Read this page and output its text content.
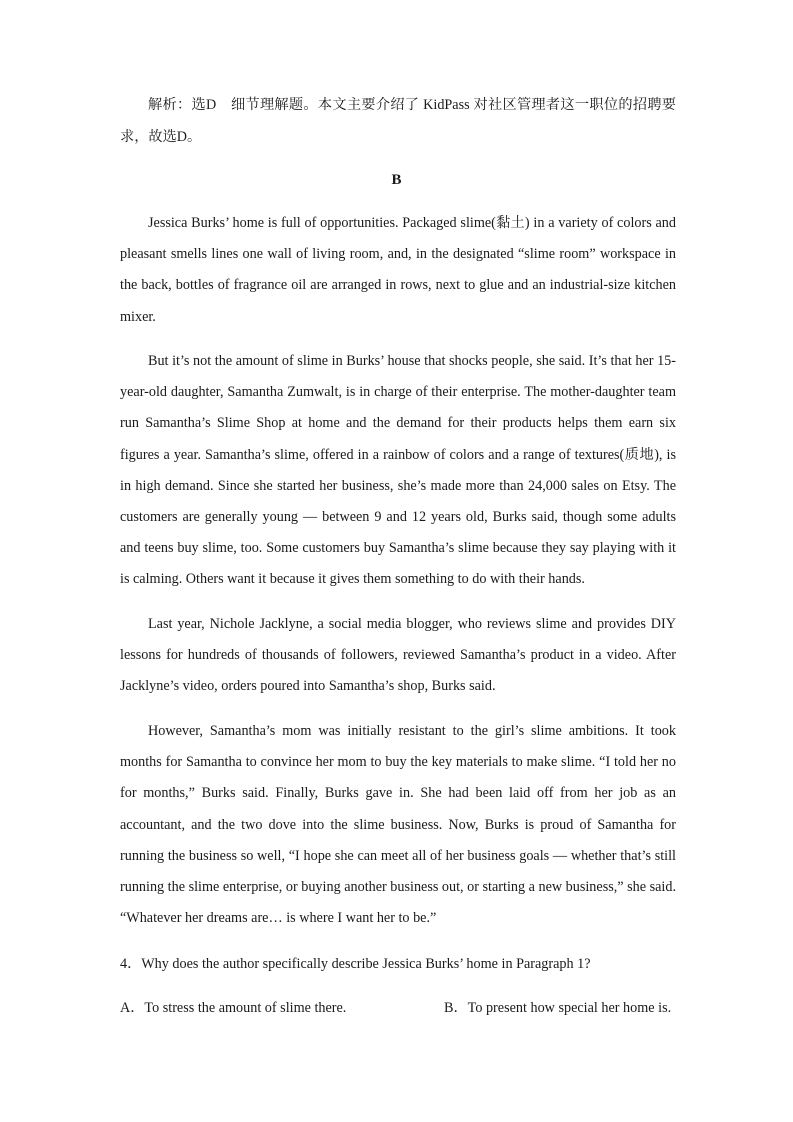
解析：选D　细节理解题。本文主要介绍了 KidPass 对社区管理者这一职位的招聘要求，故选D。

B

Jessica Burks’ home is full of opportunities. Packaged slime(黏土) in a variety of colors and pleasant smells lines one wall of living room, and, in the designated “slime room” workspace in the back, bottles of fragrance oil are arranged in rows, next to glue and an industrial-size kitchen mixer.

But it’s not the amount of slime in Burks’ house that shocks people, she said. It’s that her 15-year-old daughter, Samantha Zumwalt, is in charge of their enterprise. The mother-daughter team run Samantha’s Slime Shop at home and the demand for their products helps them earn six figures a year. Samantha’s slime, offered in a rainbow of colors and a range of textures(质地), is in high demand. Since she started her business, she’s made more than 24,000 sales on Etsy. The customers are generally young — between 9 and 12 years old, Burks said, though some adults and teens buy slime, too. Some customers buy Samantha’s slime because they say playing with it is calming. Others want it because it gives them something to do with their hands.

Last year, Nichole Jacklyne, a social media blogger, who reviews slime and provides DIY lessons for hundreds of thousands of followers, reviewed Samantha’s product in a video. After Jacklyne’s video, orders poured into Samantha’s shop, Burks said.

However, Samantha’s mom was initially resistant to the girl’s slime ambitions. It took months for Samantha to convince her mom to buy the key materials to make slime. “I told her no for months,” Burks said. Finally, Burks gave in. She had been laid off from her job as an accountant, and the two dove into the slime business. Now, Burks is proud of Samantha for running the business so well, “I hope she can meet all of her business goals — whether that’s still running the slime enterprise, or buying another business out, or starting a new business,” she said. “Whatever her dreams are… is where I want her to be.”

4．Why does the author specifically describe Jessica Burks’ home in Paragraph 1?

A．To stress the amount of slime there.	B．To present how special her home is.
